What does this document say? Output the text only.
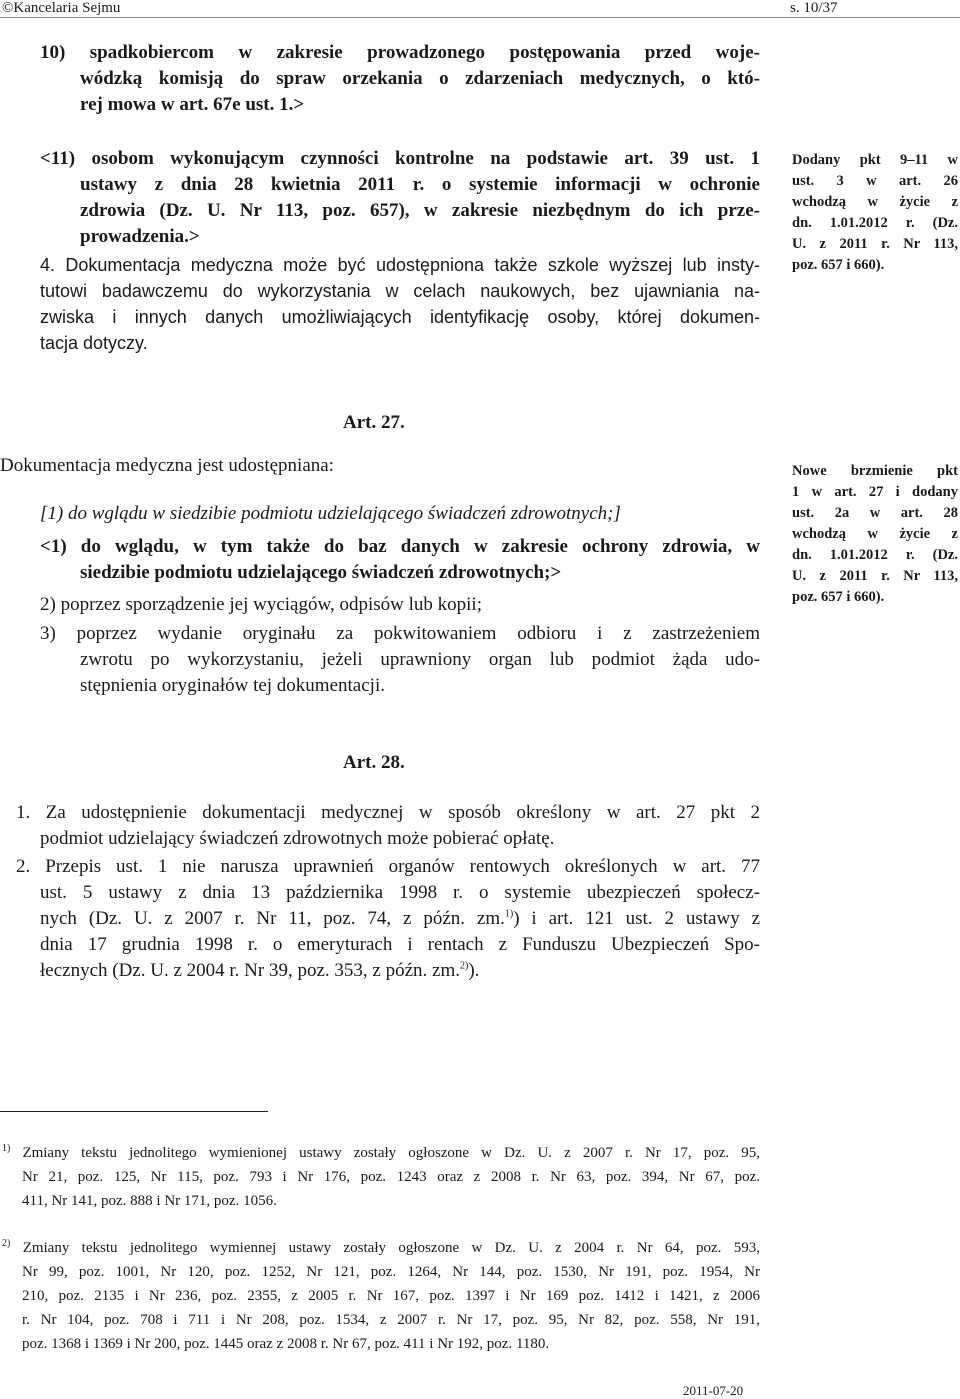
©Kancelaria Sejmu	s. 10/37
10) spadkobiercom w zakresie prowadzonego postępowania przed woje-
wódzką komisją do spraw orzekania o zdarzeniach medycznych, o któ-
rej mowa w art. 67e ust. 1.>
<11) osobom wykonującym czynności kontrolne na podstawie art. 39 ust. 1
ustawy z dnia 28 kwietnia 2011 r. o systemie informacji w ochronie
zdrowia (Dz. U. Nr 113, poz. 657), w zakresie niezbędnym do ich prze-
prowadzenia.>
4. Dokumentacja medyczna może być udostępniona także szkole wyższej lub insty-
tutowi badawczemu do wykorzystania w celach naukowych, bez ujawniania na-
zwiska i innych danych umożliwiających identyfikację osoby, której dokumen-
tacja dotyczy.
Dodany pkt 9–11 w
ust. 3 w art. 26
wchodzą w życie z
dn. 1.01.2012 r. (Dz.
U. z 2011 r. Nr 113,
poz. 657 i 660).
Art. 27.
Dokumentacja medyczna jest udostępniana:
[1) do wglądu w siedzibie podmiotu udzielającego świadczeń zdrowotnych;]
<1) do wglądu, w tym także do baz danych w zakresie ochrony zdrowia, w
siedzibie podmiotu udzielającego świadczeń zdrowotnych;>
2) poprzez sporządzenie jej wyciągów, odpisów lub kopii;
3) poprzez wydanie oryginału za pokwitowaniem odbioru i z zastrzeżeniem
zwrotu po wykorzystaniu, jeżeli uprawniony organ lub podmiot żąda udo-
stępnienia oryginałów tej dokumentacji.
Nowe brzmienie pkt
1 w art. 27 i dodany
ust. 2a w art. 28
wchodzą w życie z
dn. 1.01.2012 r. (Dz.
U. z 2011 r. Nr 113,
poz. 657 i 660).
Art. 28.
1. Za udostępnienie dokumentacji medycznej w sposób określony w art. 27 pkt 2
podmiot udzielający świadczeń zdrowotnych może pobierać opłatę.
2. Przepis ust. 1 nie narusza uprawnień organów rentowych określonych w art. 77
ust. 5 ustawy z dnia 13 października 1998 r. o systemie ubezpieczeń społecz-
nych (Dz. U. z 2007 r. Nr 11, poz. 74, z późn. zm.$^{1)}$) i art. 121 ust. 2 ustawy z
dnia 17 grudnia 1998 r. o emeryturach i rentach z Funduszu Ubezpieczeń Spo-
łecznych (Dz. U. z 2004 r. Nr 39, poz. 353, z późn. zm.$^{2)}$).
$^{1)}$ Zmiany tekstu jednolitego wymienionej ustawy zostały ogłoszone w Dz. U. z 2007 r. Nr 17, poz. 95,
Nr 21, poz. 125, Nr 115, poz. 793 i Nr 176, poz. 1243 oraz z 2008 r. Nr 63, poz. 394, Nr 67, poz.
411, Nr 141, poz. 888 i Nr 171, poz. 1056.
$^{2)}$ Zmiany tekstu jednolitego wymiennej ustawy zostały ogłoszone w Dz. U. z 2004 r. Nr 64, poz. 593,
Nr 99, poz. 1001, Nr 120, poz. 1252, Nr 121, poz. 1264, Nr 144, poz. 1530, Nr 191, poz. 1954, Nr
210, poz. 2135 i Nr 236, poz. 2355, z 2005 r. Nr 167, poz. 1397 i Nr 169 poz. 1412 i 1421, z 2006
r. Nr 104, poz. 708 i 711 i Nr 208, poz. 1534, z 2007 r. Nr 17, poz. 95, Nr 82, poz. 558, Nr 191,
poz. 1368 i 1369 i Nr 200, poz. 1445 oraz z 2008 r. Nr 67, poz. 411 i Nr 192, poz. 1180.
2011-07-20
